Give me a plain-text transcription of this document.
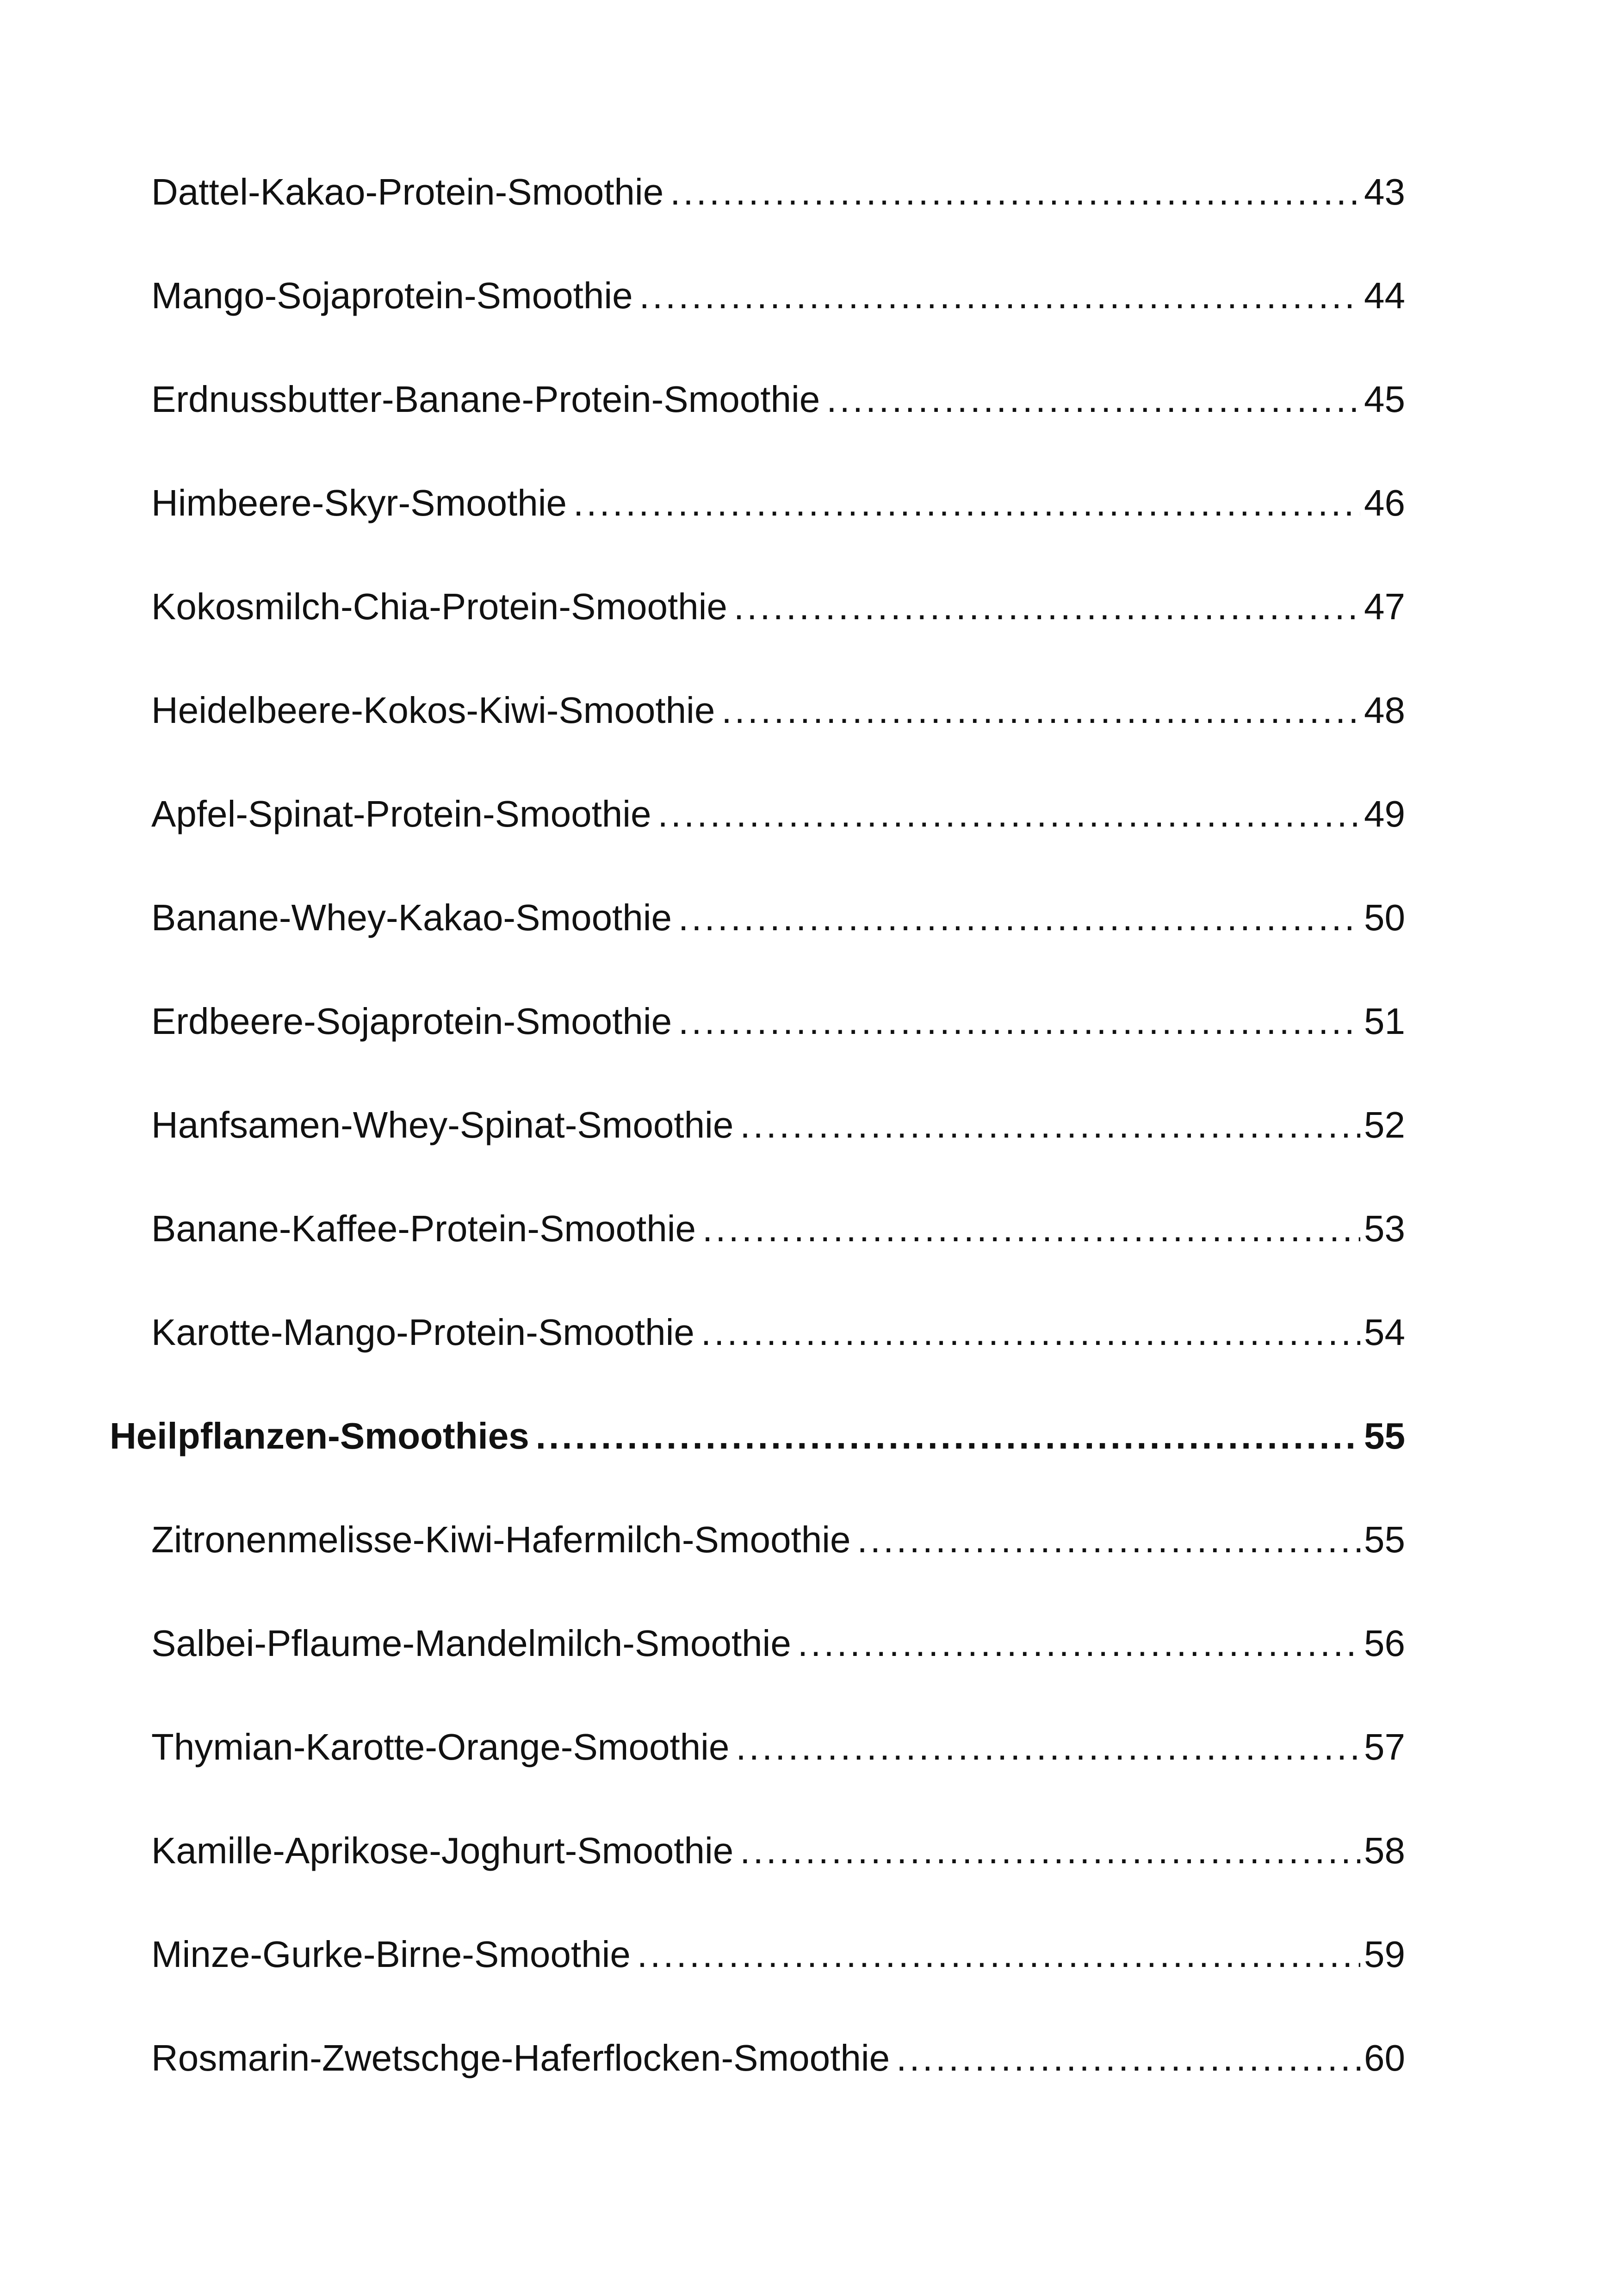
Dattel-Kakao-Protein-Smoothie .....	43
Mango-Sojaprotein-Smoothie .....	44
Erdnussbutter-Banane-Protein-Smoothie .....	45
Himbeere-Skyr-Smoothie .....	46
Kokosmilch-Chia-Protein-Smoothie .....	47
Heidelbeere-Kokos-Kiwi-Smoothie .....	48
Apfel-Spinat-Protein-Smoothie .....	49
Banane-Whey-Kakao-Smoothie .....	50
Erdbeere-Sojaprotein-Smoothie .....	51
Hanfsamen-Whey-Spinat-Smoothie .....	52
Banane-Kaffee-Protein-Smoothie .....	53
Karotte-Mango-Protein-Smoothie .....	54
Heilpflanzen-Smoothies .....	55
Zitronenmelisse-Kiwi-Hafermilch-Smoothie .....	55
Salbei-Pflaume-Mandelmilch-Smoothie .....	56
Thymian-Karotte-Orange-Smoothie .....	57
Kamille-Aprikose-Joghurt-Smoothie .....	58
Minze-Gurke-Birne-Smoothie .....	59
Rosmarin-Zwetschge-Haferflocken-Smoothie .....	60
